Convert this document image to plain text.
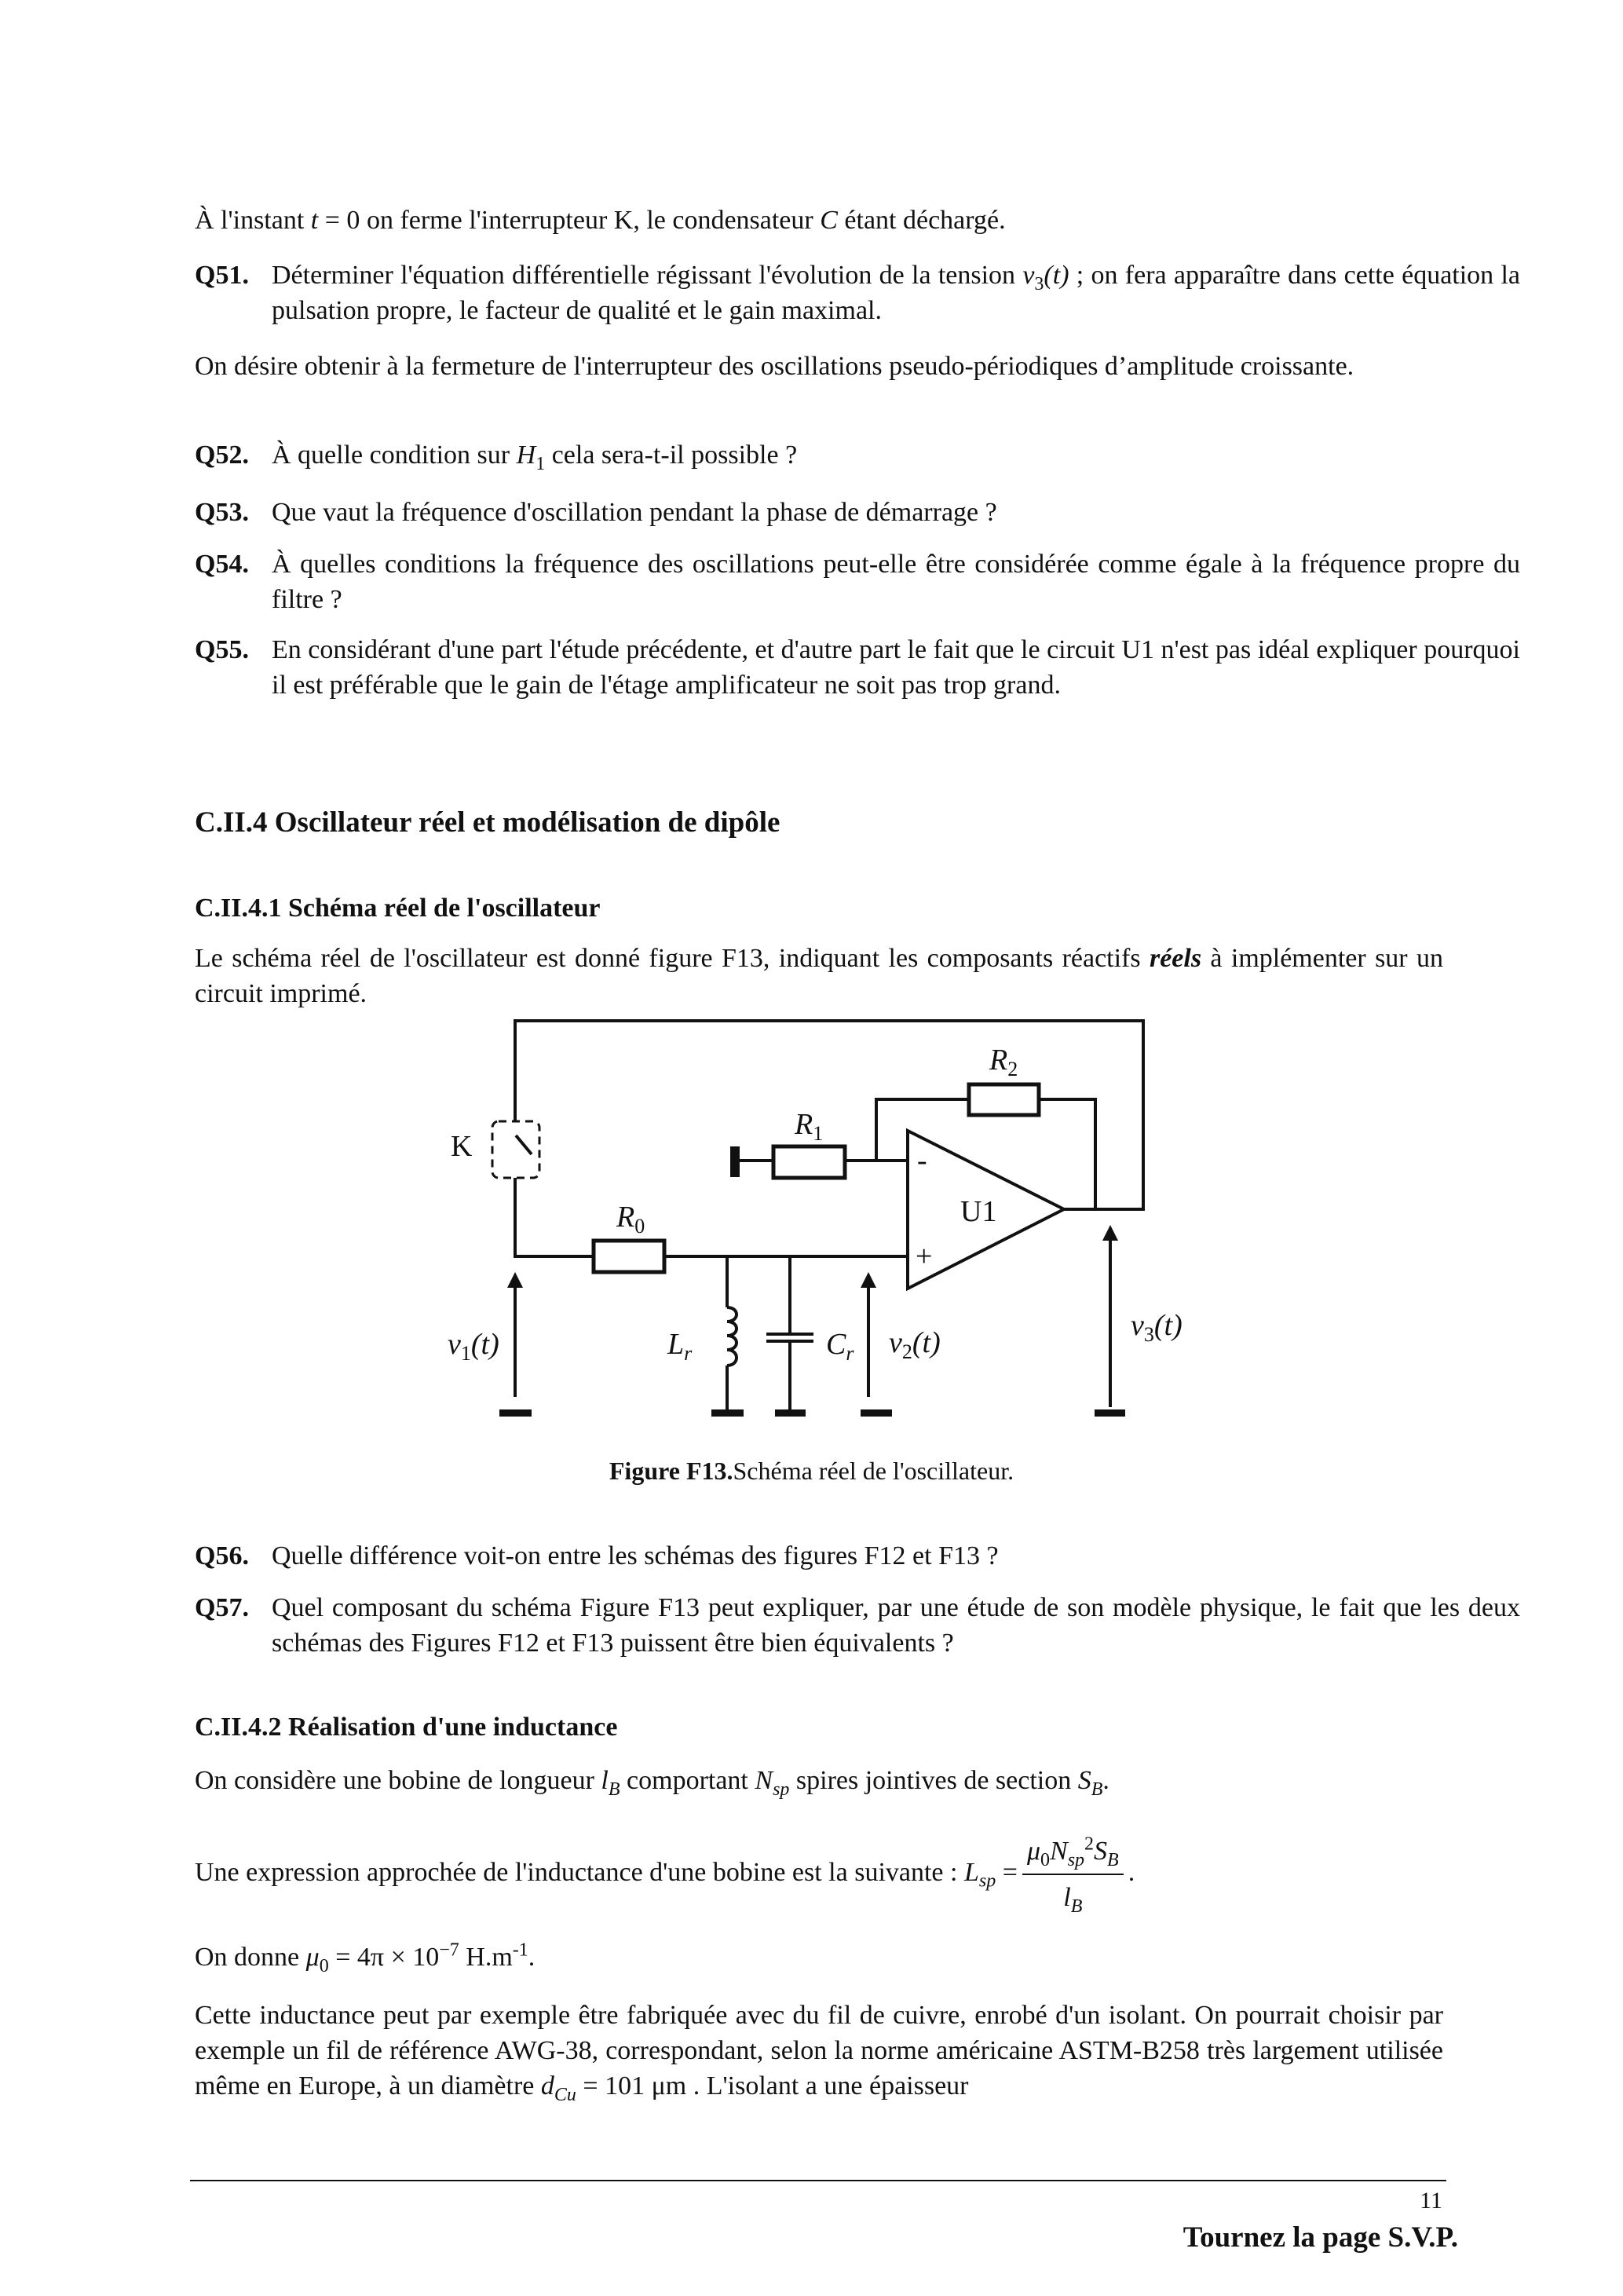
À l'instant t = 0 on ferme l'interrupteur K, le condensateur C étant déchargé.
Q51. Déterminer l'équation différentielle régissant l'évolution de la tension $v_3(t)$ ; on fera apparaître dans cette équation la pulsation propre, le facteur de qualité et le gain maximal.
On désire obtenir à la fermeture de l'interrupteur des oscillations pseudo-périodiques d’amplitude croissante.
Q52. À quelle condition sur $H_1$ cela sera-t-il possible ?
Q53. Que vaut la fréquence d'oscillation pendant la phase de démarrage ?
Q54. À quelles conditions la fréquence des oscillations peut-elle être considérée comme égale à la fréquence propre du filtre ?
Q55. En considérant d'une part l'étude précédente, et d'autre part le fait que le circuit U1 n'est pas idéal expliquer pourquoi il est préférable que le gain de l'étage amplificateur ne soit pas trop grand.
C.II.4 Oscillateur réel et modélisation de dipôle
C.II.4.1 Schéma réel de l'oscillateur
Le schéma réel de l'oscillateur est donné figure F13, indiquant les composants réactifs réels à implémenter sur un circuit imprimé.
K
$R_0$
$R_1$
$R_2$
U1
-
+
$L_r$	$C_r$
$v_1(t)$	$v_2(t)$
$v_3(t)$
Figure F13.Schéma réel de l'oscillateur.
Q56. Quelle différence voit-on entre les schémas des figures F12 et F13 ?
Q57. Quel composant du schéma Figure F13 peut expliquer, par une étude de son modèle physique, le fait que les deux schémas des Figures F12 et F13 puissent être bien équivalents ?
C.II.4.2 Réalisation d'une inductance
On considère une bobine de longueur $l_B$ comportant $N_{sp}$ spires jointives de section $S_B$.
Une expression approchée de l'inductance d'une bobine est la suivante : $L_{sp} = \frac{\mu_0N_{sp}^2S_B}{l_B}$ .
On donne $\mu_0 = 4\pi \times 10^{-7}$ $H.m^{-1}$.
Cette inductance peut par exemple être fabriquée avec du fil de cuivre, enrobé d'un isolant. On pourrait choisir par exemple un fil de référence AWG-38, correspondant, selon la norme américaine ASTM-B258 très largement utilisée même en Europe, à un diamètre $d_{Cu} = 101$ μm . L'isolant a une épaisseur
11
Tournez la page S.V.P.
